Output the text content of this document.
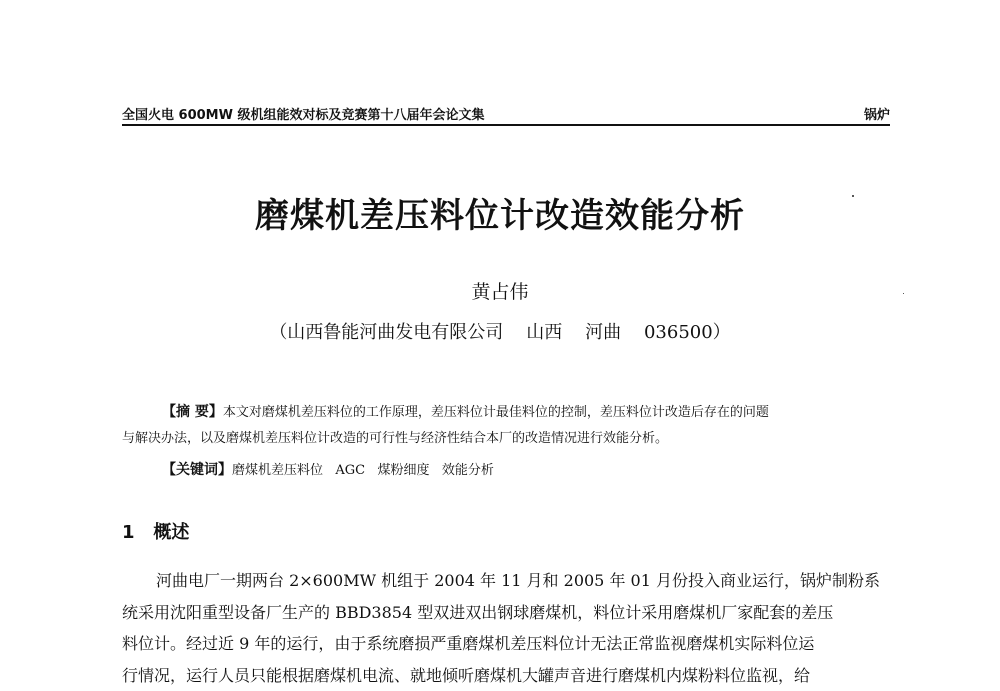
全国火电 600MW 级机组能效对标及竞赛第十八届年会论文集	锅炉
磨煤机差压料位计改造效能分析
黄占伟
（山西鲁能河曲发电有限公司    山西    河曲    036500）
【摘 要】本文对磨煤机差压料位的工作原理，差压料位计最佳料位的控制，差压料位计改造后存在的问题
与解决办法，以及磨煤机差压料位计改造的可行性与经济性结合本厂的改造情况进行效能分析。
【关键词】磨煤机差压料位   AGC   煤粉细度   效能分析
1   概述
河曲电厂一期两台 2×600MW 机组于 2004 年 11 月和 2005 年 01 月份投入商业运行，锅炉制粉系
统采用沈阳重型设备厂生产的 BBD3854 型双进双出钢球磨煤机，料位计采用磨煤机厂家配套的差压
料位计。经过近 9 年的运行，由于系统磨损严重磨煤机差压料位计无法正常监视磨煤机实际料位运
行情况，运行人员只能根据磨煤机电流、就地倾听磨煤机大罐声音进行磨煤机内煤粉料位监视，给
